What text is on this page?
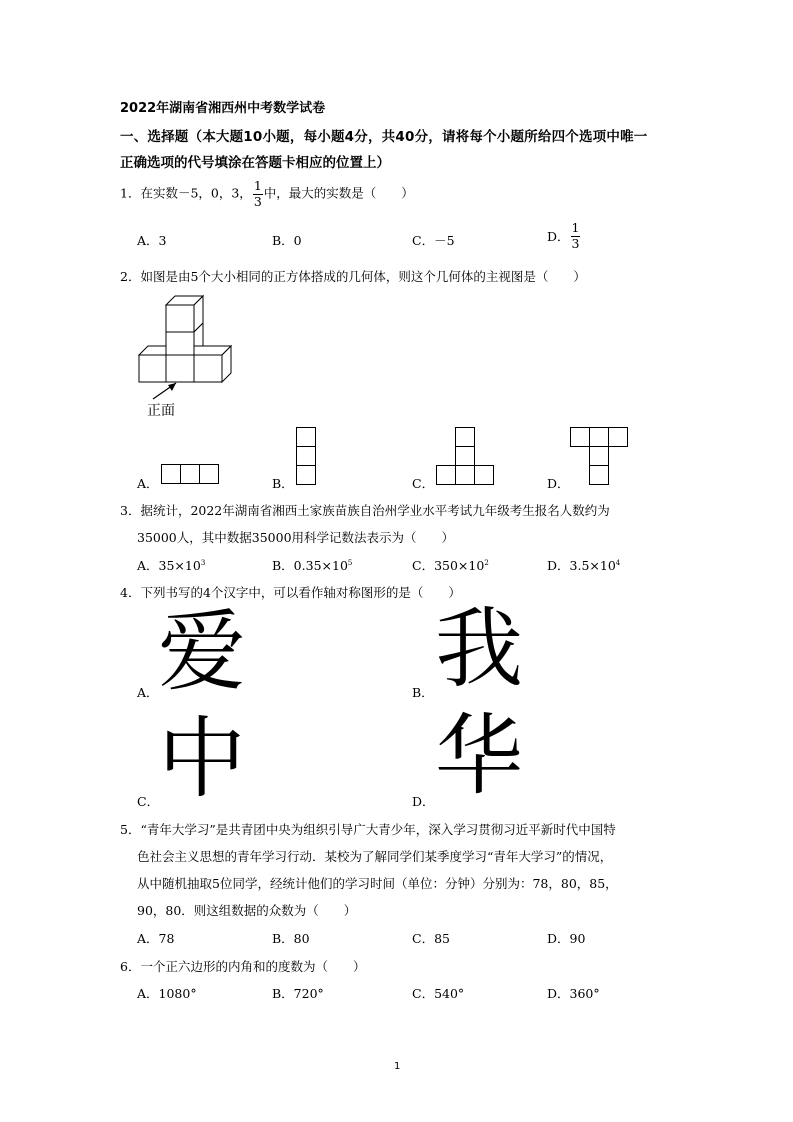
2022年湖南省湘西州中考数学试卷
一、选择题（本大题10小题，每小题4分，共40分，请将每个小题所给四个选项中唯一
正确选项的代号填涂在答题卡相应的位置上）
1．在实数－5，0，3， $\frac{1}{3}$ 中，最大的实数是（　　）
A．3	B．0	C．－5	D． $\frac{1}{3}$
2．如图是由5个大小相同的正方体搭成的几何体，则这个几何体的主视图是（　　）
正面
A．	B．	C．	D．
3．据统计，2022年湖南省湘西土家族苗族自治州学业水平考试九年级考生报名人数约为
35000人，其中数据35000用科学记数法表示为（　　）
A．$35\times 10^3$	B．$0.35\times 10^5$	C．$350\times 10^2$	D．$3.5\times 10^4$
4．下列书写的4个汉字中，可以看作轴对称图形的是（　　）
A． 爱	B． 我
C．
中	D． 华
5．“青年大学习”是共青团中央为组织引导广大青少年，深入学习贯彻习近平新时代中国特
色社会主义思想的青年学习行动．某校为了解同学们某季度学习“青年大学习”的情况，
从中随机抽取5位同学，经统计他们的学习时间（单位：分钟）分别为：78，80，85，
90，80．则这组数据的众数为（　　）
A．78	B．80	C．85	D．90
6．一个正六边形的内角和的度数为（　　）
A．1080°	B．720°	C．540°	D．360°
1
